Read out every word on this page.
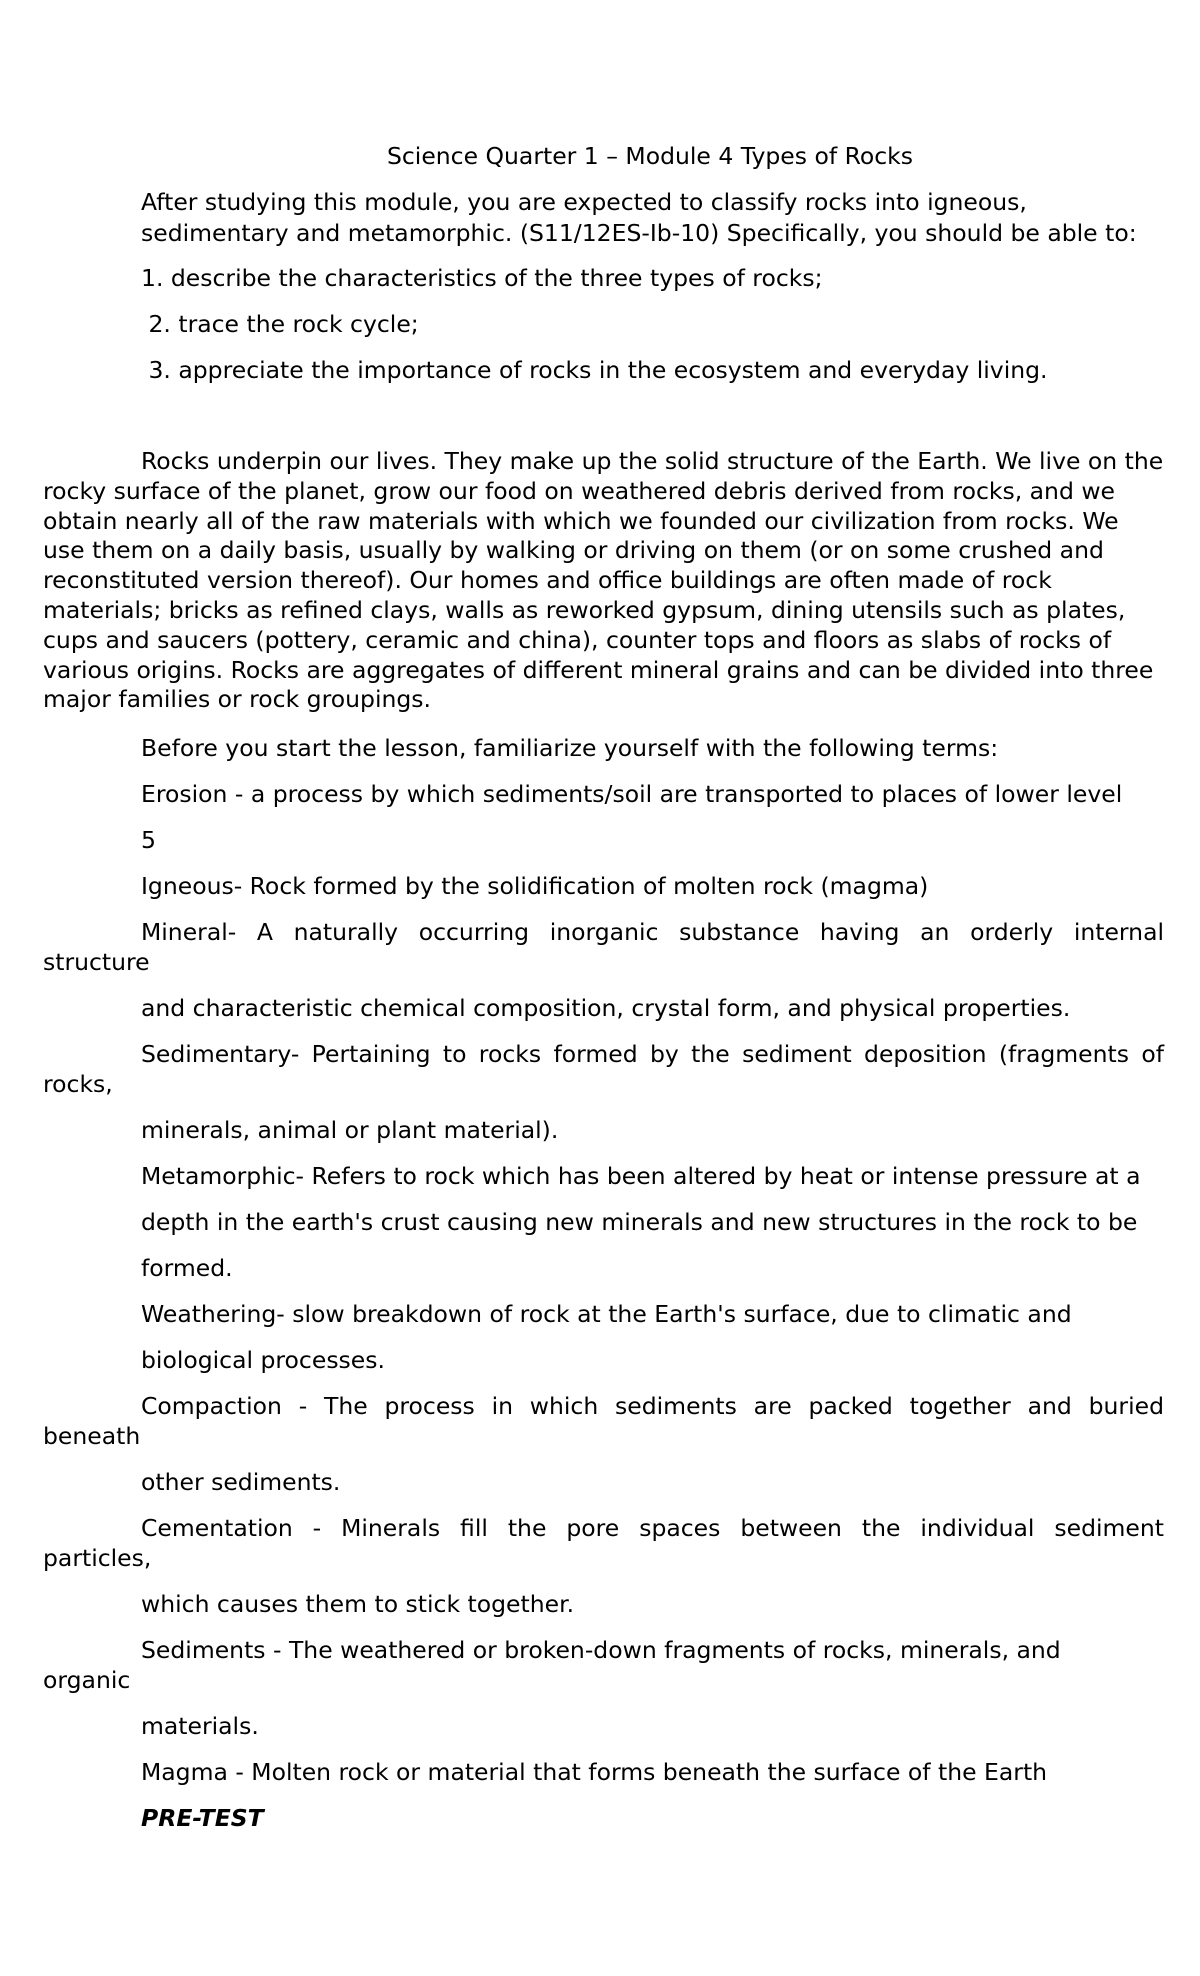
Science Quarter 1 – Module 4 Types of Rocks

After studying this module, you are expected to classify rocks into igneous,

sedimentary and metamorphic. (S11/12ES-Ib-10) Specifically, you should be able to:

1. describe the characteristics of the three types of rocks;

2. trace the rock cycle;

3. appreciate the importance of rocks in the ecosystem and everyday living.

Rocks underpin our lives. They make up the solid structure of the Earth. We live on the rocky surface of the planet, grow our food on weathered debris derived from rocks, and we obtain nearly all of the raw materials with which we founded our civilization from rocks. We use them on a daily basis, usually by walking or driving on them (or on some crushed and reconstituted version thereof). Our homes and office buildings are often made of rock materials; bricks as refined clays, walls as reworked gypsum, dining utensils such as plates, cups and saucers (pottery, ceramic and china), counter tops and floors as slabs of rocks of various origins. Rocks are aggregates of different mineral grains and can be divided into three major families or rock groupings.

Before you start the lesson, familiarize yourself with the following terms:

Erosion - a process by which sediments/soil are transported to places of lower level

5

Igneous- Rock formed by the solidification of molten rock (magma)

Mineral- A naturally occurring inorganic substance having an orderly internal

structure

and characteristic chemical composition, crystal form, and physical properties.

Sedimentary- Pertaining to rocks formed by the sediment deposition (fragments of

rocks,

minerals, animal or plant material).

Metamorphic- Refers to rock which has been altered by heat or intense pressure at a

depth in the earth's crust causing new minerals and new structures in the rock to be

formed.

Weathering- slow breakdown of rock at the Earth's surface, due to climatic and

biological processes.

Compaction - The process in which sediments are packed together and buried

beneath

other sediments.

Cementation - Minerals fill the pore spaces between the individual sediment

particles,

which causes them to stick together.

Sediments - The weathered or broken-down fragments of rocks, minerals, and

organic

materials.

Magma - Molten rock or material that forms beneath the surface of the Earth

PRE-TEST
